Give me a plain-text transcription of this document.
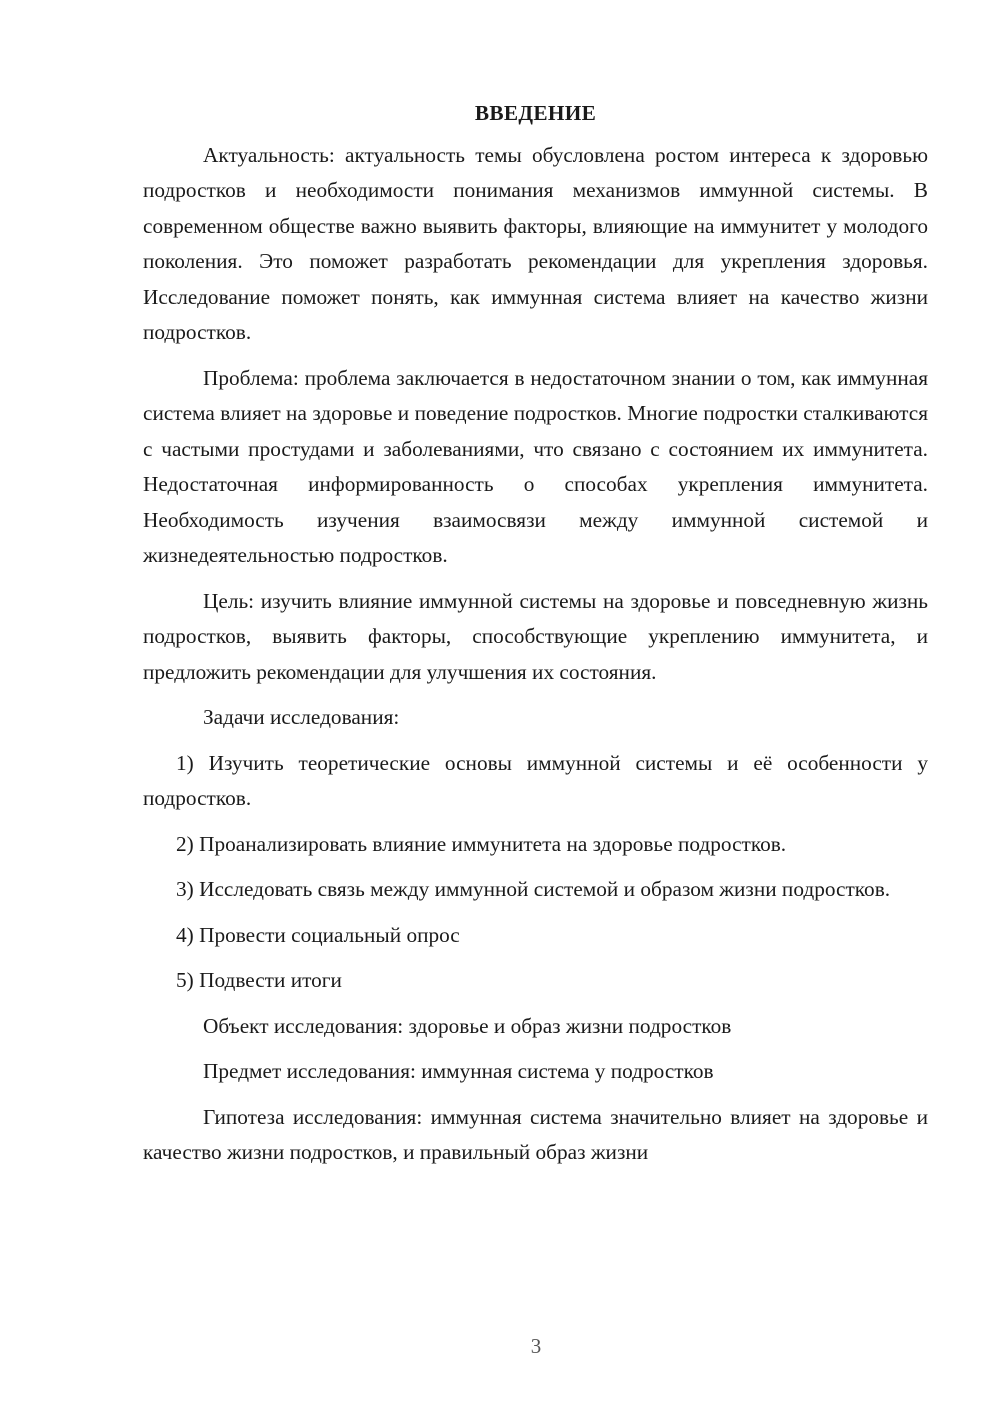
ВВЕДЕНИЕ

Актуальность: актуальность темы обусловлена ростом интереса к здоровью подростков и необходимости понимания механизмов иммунной системы. В современном обществе важно выявить факторы, влияющие на иммунитет у молодого поколения. Это поможет разработать рекомендации для укрепления здоровья. Исследование поможет понять, как иммунная система влияет на качество жизни подростков.

Проблема: проблема заключается в недостаточном знании о том, как иммунная система влияет на здоровье и поведение подростков. Многие подростки сталкиваются с частыми простудами и заболеваниями, что связано с состоянием их иммунитета. Недостаточная информированность о способах укрепления иммунитета. Необходимость изучения взаимосвязи между иммунной системой и жизнедеятельностью подростков.

Цель: изучить влияние иммунной системы на здоровье и повседневную жизнь подростков, выявить факторы, способствующие укреплению иммунитета, и предложить рекомендации для улучшения их состояния.

Задачи исследования:

1) Изучить теоретические основы иммунной системы и её особенности у подростков.

2) Проанализировать влияние иммунитета на здоровье подростков.

3) Исследовать связь между иммунной системой и образом жизни подростков.

4) Провести социальный опрос

5) Подвести итоги

Объект исследования: здоровье и образ жизни подростков

Предмет исследования: иммунная система у подростков

Гипотеза исследования: иммунная система значительно влияет на здоровье и качество жизни подростков, и правильный образ жизни

3
